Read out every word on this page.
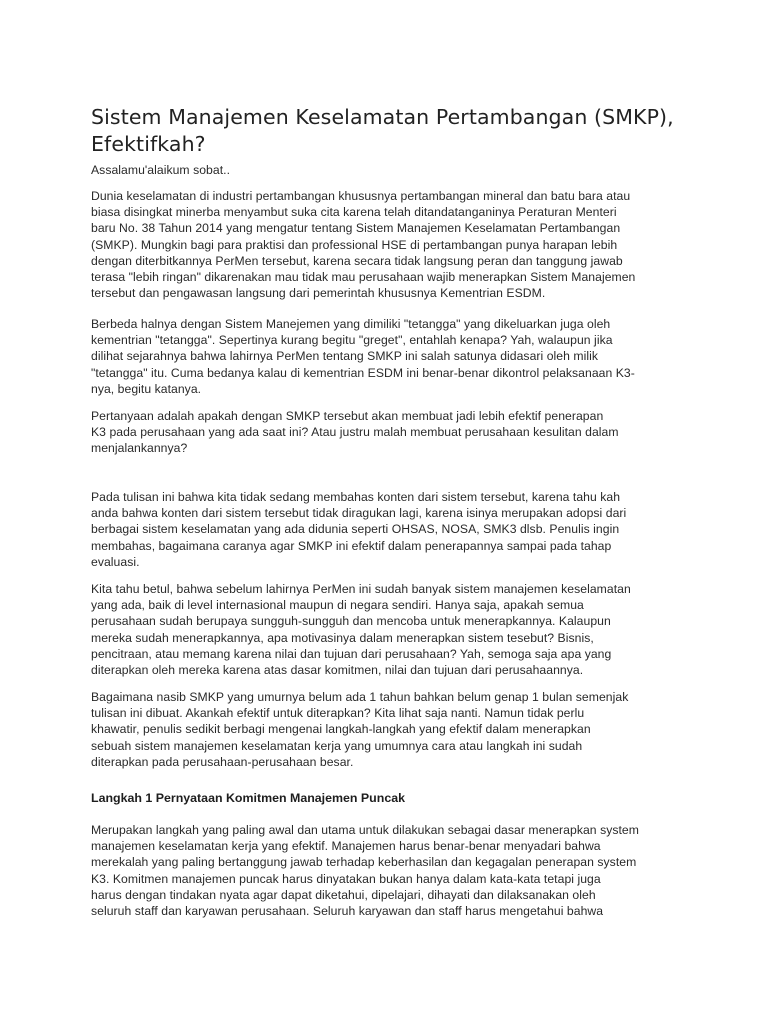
Sistem Manajemen Keselamatan Pertambangan (SMKP),
Efektifkah?
Assalamu'alaikum sobat..
Dunia keselamatan di industri pertambangan khususnya pertambangan mineral dan batu bara atau
biasa disingkat minerba menyambut suka cita karena telah ditandatanganinya Peraturan Menteri
baru No. 38 Tahun 2014 yang mengatur tentang Sistem Manajemen Keselamatan Pertambangan
(SMKP). Mungkin bagi para praktisi dan professional HSE di pertambangan punya harapan lebih
dengan diterbitkannya PerMen tersebut, karena secara tidak langsung peran dan tanggung jawab
terasa "lebih ringan" dikarenakan mau tidak mau perusahaan wajib menerapkan Sistem Manajemen
tersebut dan pengawasan langsung dari pemerintah khususnya Kementrian ESDM.
Berbeda halnya dengan Sistem Manejemen yang dimiliki "tetangga" yang dikeluarkan juga oleh
kementrian "tetangga". Sepertinya kurang begitu "greget", entahlah kenapa? Yah, walaupun jika
dilihat sejarahnya bahwa lahirnya PerMen tentang SMKP ini salah satunya didasari oleh milik
"tetangga" itu. Cuma bedanya kalau di kementrian ESDM ini benar-benar dikontrol pelaksanaan K3-
nya, begitu katanya.
Pertanyaan adalah apakah dengan SMKP tersebut akan membuat jadi lebih efektif penerapan
K3 pada perusahaan yang ada saat ini? Atau justru malah membuat perusahaan kesulitan dalam
menjalankannya?
Pada tulisan ini bahwa kita tidak sedang membahas konten dari sistem tersebut, karena tahu kah
anda bahwa konten dari sistem tersebut tidak diragukan lagi, karena isinya merupakan adopsi dari
berbagai sistem keselamatan yang ada didunia seperti OHSAS, NOSA, SMK3 dlsb. Penulis ingin
membahas, bagaimana caranya agar SMKP ini efektif dalam penerapannya sampai pada tahap
evaluasi.
Kita tahu betul, bahwa sebelum lahirnya PerMen ini sudah banyak sistem manajemen keselamatan
yang ada, baik di level internasional maupun di negara sendiri. Hanya saja, apakah semua
perusahaan sudah berupaya sungguh-sungguh dan mencoba untuk menerapkannya. Kalaupun
mereka sudah menerapkannya, apa motivasinya dalam menerapkan sistem tesebut? Bisnis,
pencitraan, atau memang karena nilai dan tujuan dari perusahaan? Yah, semoga saja apa yang
diterapkan oleh mereka karena atas dasar komitmen, nilai dan tujuan dari perusahaannya.
Bagaimana nasib SMKP yang umurnya belum ada 1 tahun bahkan belum genap 1 bulan semenjak
tulisan ini dibuat. Akankah efektif untuk diterapkan? Kita lihat saja nanti. Namun tidak perlu
khawatir, penulis sedikit berbagi mengenai langkah-langkah yang efektif dalam menerapkan
sebuah sistem manajemen keselamatan kerja yang umumnya cara atau langkah ini sudah
diterapkan pada perusahaan-perusahaan besar.
Langkah 1 Pernyataan Komitmen Manajemen Puncak
Merupakan langkah yang paling awal dan utama untuk dilakukan sebagai dasar menerapkan system
manajemen keselamatan kerja yang efektif. Manajemen harus benar-benar menyadari bahwa
merekalah yang paling bertanggung jawab terhadap keberhasilan dan kegagalan penerapan system
K3. Komitmen manajemen puncak harus dinyatakan bukan hanya dalam kata-kata tetapi juga
harus dengan tindakan nyata agar dapat diketahui, dipelajari, dihayati dan dilaksanakan oleh
seluruh staff dan karyawan perusahaan. Seluruh karyawan dan staff harus mengetahui bahwa
